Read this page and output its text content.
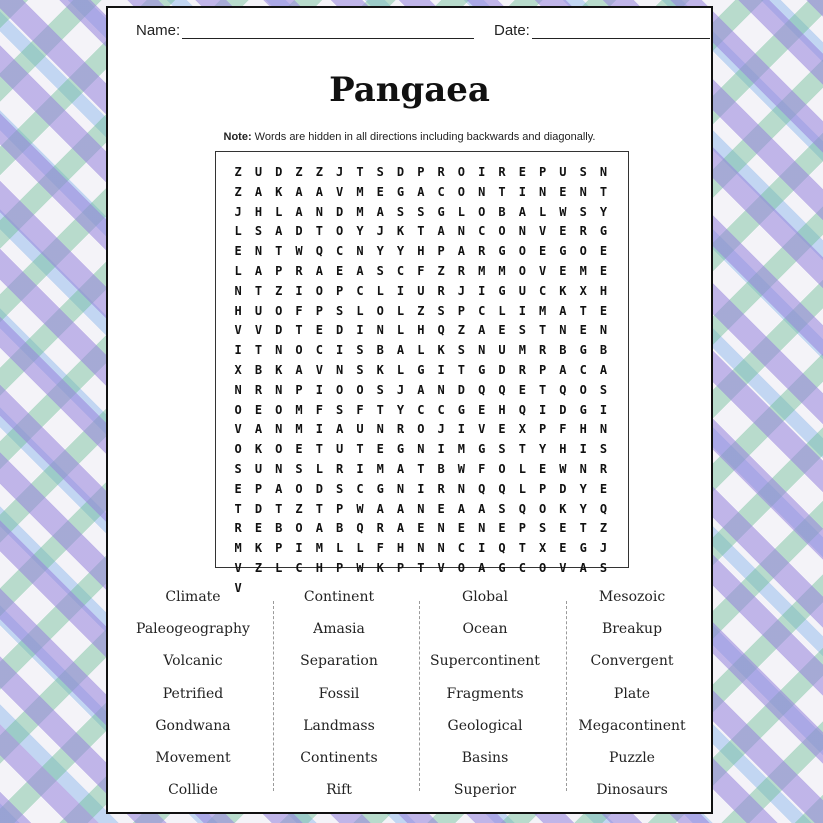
Name:	Date:
Pangaea
Note: Words are hidden in all directions including backwards and diagonally.
Z	U	D	Z	Z	J	T	S	D	P	R	O	I	R	E	P	U	S	N
Z	A	K	A	A	V	M	E	G	A	C	O	N	T	I	N	E	N	T
J	H	L	A	N	D	M	A	S	S	G	L	O	B	A	L	W	S	Y
L	S	A	D	T	O	Y	J	K	T	A	N	C	O	N	V	E	R	G
E	N	T	W	Q	C	N	Y	Y	H	P	A	R	G	O	E	G	O	E
L	A	P	R	A	E	A	S	C	F	Z	R	M	M	O	V	E	M	E
N	T	Z	I	O	P	C	L	I	U	R	J	I	G	U	C	K	X	H
H	U	O	F	P	S	L	O	L	Z	S	P	C	L	I	M	A	T	E
V	V	D	T	E	D	I	N	L	H	Q	Z	A	E	S	T	N	E	N
I	T	N	O	C	I	S	B	A	L	K	S	N	U	M	R	B	G	B
X	B	K	A	V	N	S	K	L	G	I	T	G	D	R	P	A	C	A
N	R	N	P	I	O	O	S	J	A	N	D	Q	Q	E	T	Q	O	S
O	E	O	M	F	S	F	T	Y	C	C	G	E	H	Q	I	D	G	I
V	A	N	M	I	A	U	N	R	O	J	I	V	E	X	P	F	H	N
O	K	O	E	T	U	T	E	G	N	I	M	G	S	T	Y	H	I	S
S	U	N	S	L	R	I	M	A	T	B	W	F	O	L	E	W	N	R
E	P	A	O	D	S	C	G	N	I	R	N	Q	Q	L	P	D	Y	E
T	D	T	Z	T	P	W	A	A	N	E	A	A	S	Q	O	K	Y	Q
R	E	B	O	A	B	Q	R	A	E	N	E	N	E	P	S	E	T	Z
M	K	P	I	M	L	L	F	H	N	N	C	I	Q	T	X	E	G	J
V	Z	L	C	H	P	W	K	P	T	V	O	A	G	C	O	V	A	S
V
Climate
Paleogeography
Volcanic
Petrified
Gondwana
Movement
Collide
Continent
Amasia
Separation
Fossil
Landmass
Continents
Rift
Global
Ocean
Supercontinent
Fragments
Geological
Basins
Superior
Mesozoic
Breakup
Convergent
Plate
Megacontinent
Puzzle
Dinosaurs
